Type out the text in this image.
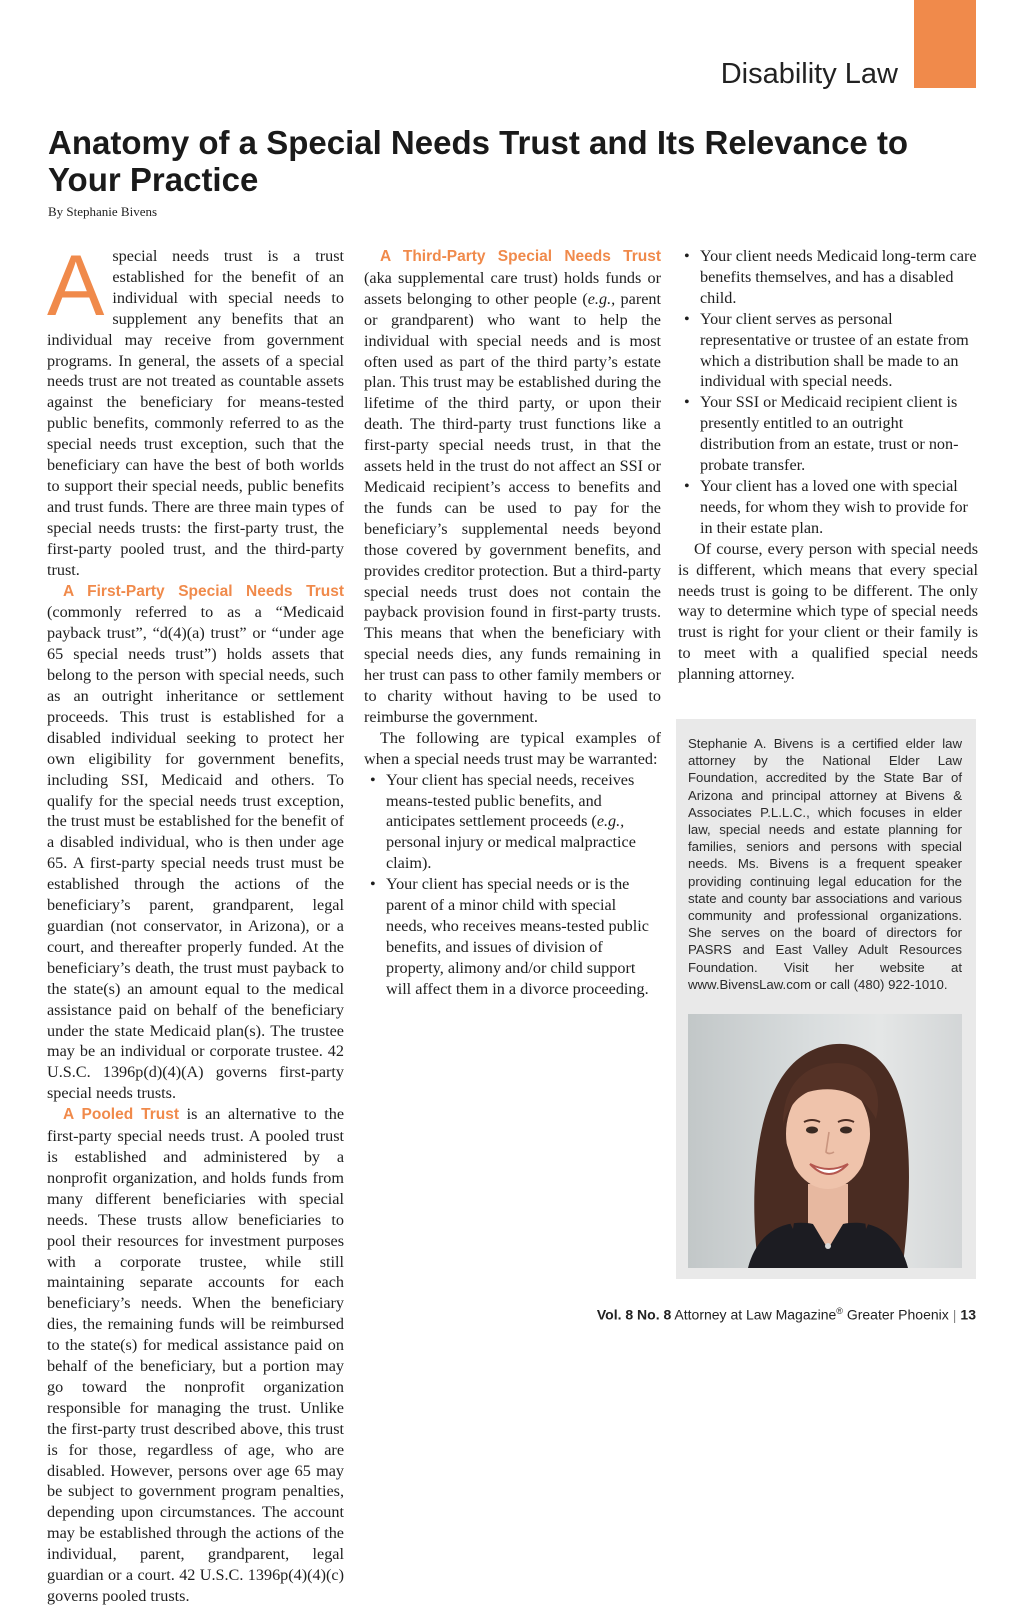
Disability Law
Anatomy of a Special Needs Trust and Its Relevance to Your Practice
By Stephanie Bivens

Aspecial needs trust is a trust established for the benefit of an individual with special needs to supplement any benefits that an individual may receive from government programs. In general, the assets of a special needs trust are not treated as countable assets against the beneficiary for means-tested public benefits, commonly referred to as the special needs trust exception, such that the beneficiary can have the best of both worlds to support their special needs, public benefits and trust funds. There are three main types of special needs trusts: the first-party trust, the first-party pooled trust, and the third-party trust.

A First-Party Special Needs Trust (commonly referred to as a “Medicaid payback trust”, “d(4)(a) trust” or “under age 65 special needs trust”) holds assets that belong to the person with special needs, such as an outright inheritance or settlement proceeds. This trust is established for a disabled individual seeking to protect her own eligibility for government benefits, including SSI, Medicaid and others. To qualify for the special needs trust exception, the trust must be established for the benefit of a disabled individual, who is then under age 65. A first-party special needs trust must be established through the actions of the beneficiary’s parent, grandparent, legal guardian (not conservator, in Arizona), or a court, and thereafter properly funded. At the beneficiary’s death, the trust must payback to the state(s) an amount equal to the medical assistance paid on behalf of the beneficiary under the state Medicaid plan(s). The trustee may be an individual or corporate trustee. 42 U.S.C. 1396p(d)(4)(A) governs first-party special needs trusts.

A Pooled Trust is an alternative to the first-party special needs trust. A pooled trust is established and administered by a nonprofit organization, and holds funds from many different beneficiaries with special needs. These trusts allow beneficiaries to pool their resources for investment purposes with a corporate trustee, while still maintaining separate accounts for each beneficiary’s needs. When the beneficiary dies, the remaining funds will be reimbursed to the state(s) for medical assistance paid on behalf of the beneficiary, but a portion may go toward the nonprofit organization responsible for managing the trust. Unlike the first-party trust described above, this trust is for those, regardless of age, who are disabled. However, persons over age 65 may be subject to government program penalties, depending upon circumstances. The account may be established through the actions of the individual, parent, grandparent, legal guardian or a court. 42 U.S.C. 1396p(4)(4)(c) governs pooled trusts.

A Third-Party Special Needs Trust (aka supplemental care trust) holds funds or assets belonging to other people (e.g., parent or grandparent) who want to help the individual with special needs and is most often used as part of the third party’s estate plan. This trust may be established during the lifetime of the third party, or upon their death. The third-party trust functions like a first-party special needs trust, in that the assets held in the trust do not affect an SSI or Medicaid recipient’s access to benefits and the funds can be used to pay for the beneficiary’s supplemental needs beyond those covered by government benefits, and provides creditor protection. But a third-party special needs trust does not contain the payback provision found in first-party trusts. This means that when the beneficiary with special needs dies, any funds remaining in her trust can pass to other family members or to charity without having to be used to reimburse the government.

The following are typical examples of when a special needs trust may be warranted:

• Your client has special needs, receives means-tested public benefits, and anticipates settlement proceeds (e.g., personal injury or medical malpractice claim).
• Your client has special needs or is the parent of a minor child with special needs, who receives means-tested public benefits, and issues of division of property, alimony and/or child support will affect them in a divorce proceeding.
• Your client needs Medicaid long-term care benefits themselves, and has a disabled child.
• Your client serves as personal representative or trustee of an estate from which a distribution shall be made to an individual with special needs.
• Your SSI or Medicaid recipient client is presently entitled to an outright distribution from an estate, trust or non-probate transfer.
• Your client has a loved one with special needs, for whom they wish to provide for in their estate plan.

Of course, every person with special needs is different, which means that every special needs trust is going to be different. The only way to determine which type of special needs trust is right for your client or their family is to meet with a qualified special needs planning attorney.

Stephanie A. Bivens is a certified elder law attorney by the National Elder Law Foundation, accredited by the State Bar of Arizona and principal attorney at Bivens & Associates P.L.L.C., which focuses in elder law, special needs and estate planning for families, seniors and persons with special needs. Ms. Bivens is a frequent speaker providing continuing legal education for the state and county bar associations and various community and professional organizations. She serves on the board of directors for PASRS and East Valley Adult Resources Foundation. Visit her website at www.BivensLaw.com or call (480) 922-1010.

Vol. 8 No. 8 Attorney at Law Magazine® Greater Phoenix | 13
